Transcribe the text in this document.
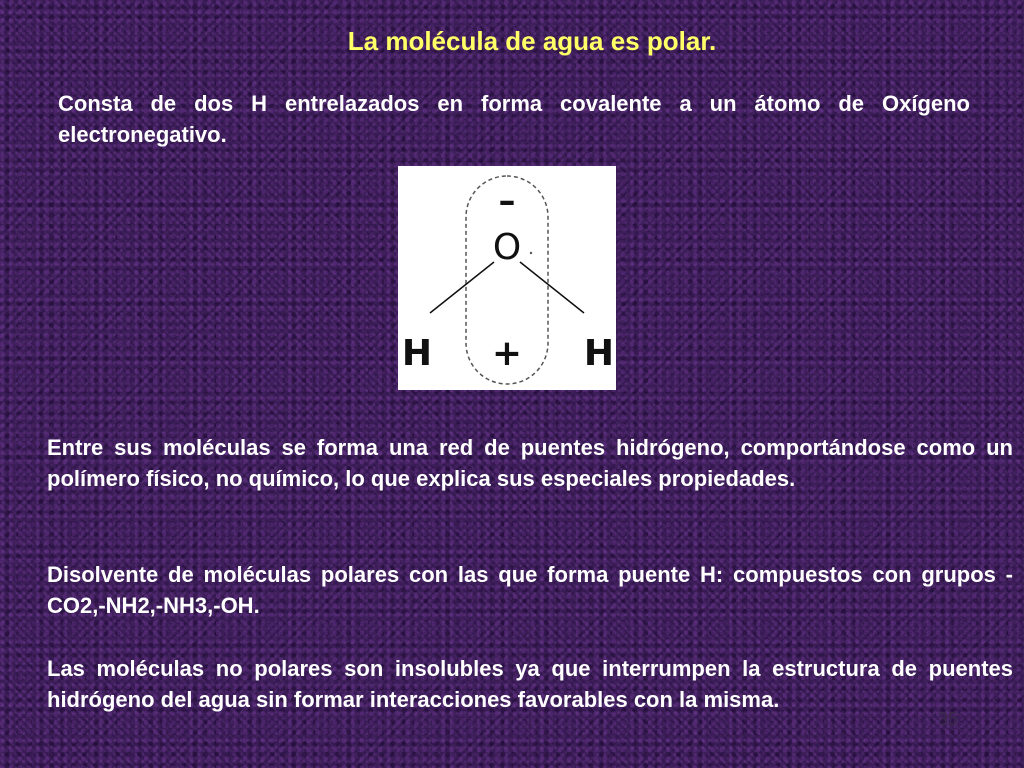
La molécula de agua es polar.

Consta de dos H entrelazados en forma covalente a un átomo de Oxígeno electronegativo.

–
O
H + H

Entre sus moléculas se forma una red de puentes hidrógeno, comportándose como un polímero físico, no químico, lo que explica sus especiales propiedades.

Disolvente de moléculas polares con las que forma puente H: compuestos con grupos -CO2,-NH2,-NH3,-OH.

Las moléculas no polares son insolubles ya que interrumpen la estructura de puentes hidrógeno del agua sin formar interacciones favorables con la misma.

35
